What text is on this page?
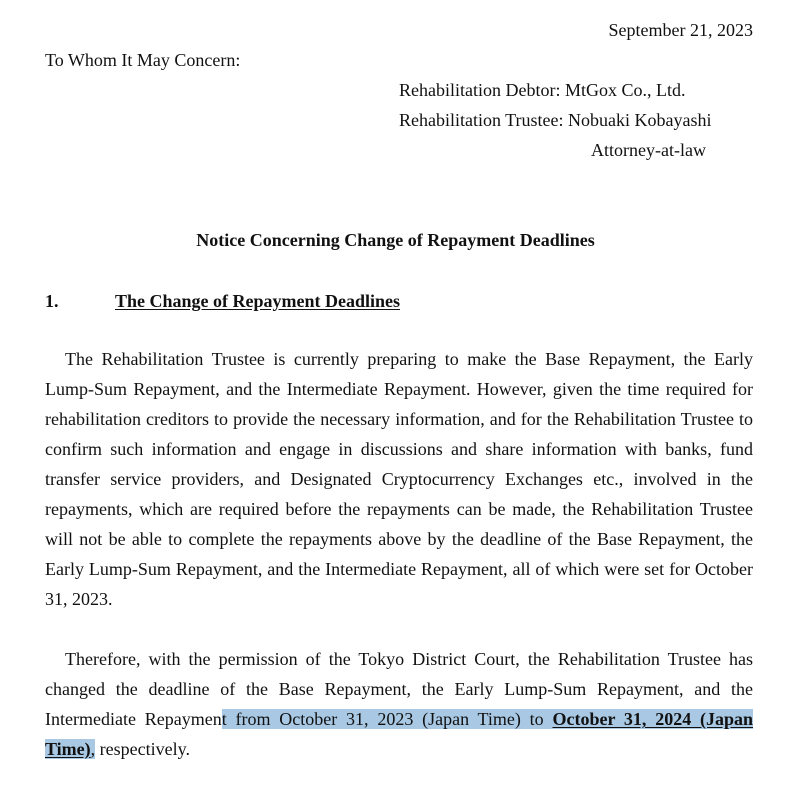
September 21, 2023
To Whom It May Concern:
Rehabilitation Debtor: MtGox Co., Ltd.
Rehabilitation Trustee: Nobuaki Kobayashi
Attorney-at-law
Notice Concerning Change of Repayment Deadlines
1.	The Change of Repayment Deadlines

The Rehabilitation Trustee is currently preparing to make the Base Repayment, the Early Lump-Sum Repayment, and the Intermediate Repayment. However, given the time required for rehabilitation creditors to provide the necessary information, and for the Rehabilitation Trustee to confirm such information and engage in discussions and share information with banks, fund transfer service providers, and Designated Cryptocurrency Exchanges etc., involved in the repayments, which are required before the repayments can be made, the Rehabilitation Trustee will not be able to complete the repayments above by the deadline of the Base Repayment, the Early Lump-Sum Repayment, and the Intermediate Repayment, all of which were set for October 31, 2023.

Therefore, with the permission of the Tokyo District Court, the Rehabilitation Trustee has changed the deadline of the Base Repayment, the Early Lump-Sum Repayment, and the Intermediate Repayment from October 31, 2023 (Japan Time) to October 31, 2024 (Japan Time), respectively.
